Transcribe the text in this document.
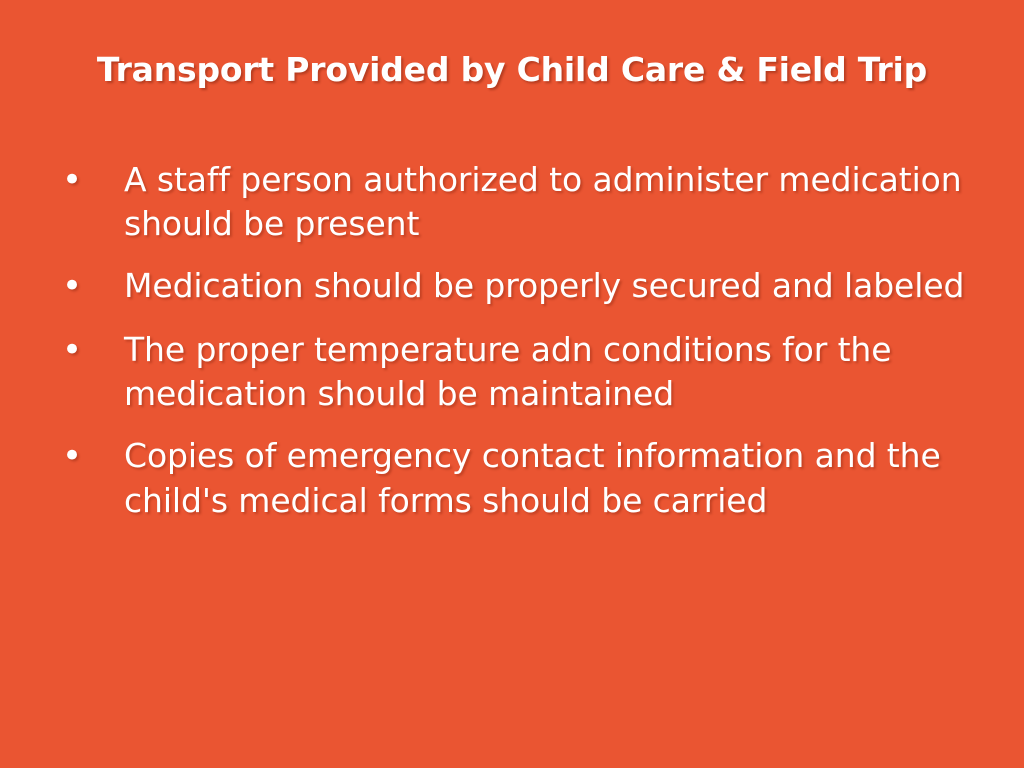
Transport Provided by Child Care & Field Trip
•	A staff person authorized to administer medication should be present
•	Medication should be properly secured and labeled
•	The proper temperature adn conditions for the medication should be maintained
•	Copies of emergency contact information and the child's medical forms should be carried
